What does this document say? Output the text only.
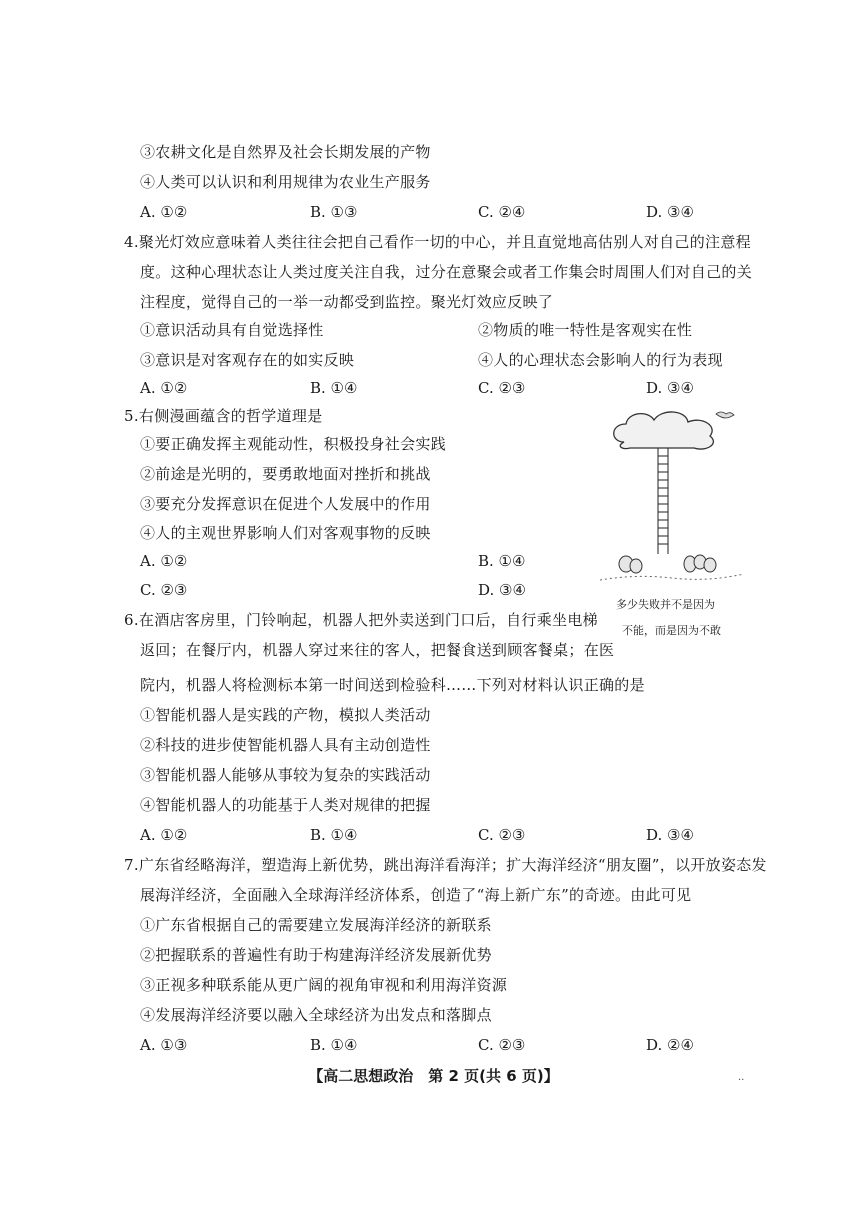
③农耕文化是自然界及社会长期发展的产物
④人类可以认识和利用规律为农业生产服务
A. ①②	B. ①③	C. ②④	D. ③④
4.聚光灯效应意味着人类往往会把自己看作一切的中心，并且直觉地高估别人对自己的注意程
度。这种心理状态让人类过度关注自我，过分在意聚会或者工作集会时周围人们对自己的关
注程度，觉得自己的一举一动都受到监控。聚光灯效应反映了
①意识活动具有自觉选择性	②物质的唯一特性是客观实在性
③意识是对客观存在的如实反映	④人的心理状态会影响人的行为表现
A. ①②	B. ①④	C. ②③	D. ③④
5.右侧漫画蕴含的哲学道理是
①要正确发挥主观能动性，积极投身社会实践
②前途是光明的，要勇敢地面对挫折和挑战
③要充分发挥意识在促进个人发展中的作用
④人的主观世界影响人们对客观事物的反映
A. ①②	B. ①④
C. ②③	D. ③④
多少失败并不是因为
不能，而是因为不敢
6.在酒店客房里，门铃响起，机器人把外卖送到门口后，自行乘坐电梯
返回；在餐厅内，机器人穿过来往的客人，把餐食送到顾客餐桌；在医
院内，机器人将检测标本第一时间送到检验科……下列对材料认识正确的是
①智能机器人是实践的产物，模拟人类活动
②科技的进步使智能机器人具有主动创造性
③智能机器人能够从事较为复杂的实践活动
④智能机器人的功能基于人类对规律的把握
A. ①②	B. ①④	C. ②③	D. ③④
7.广东省经略海洋，塑造海上新优势，跳出海洋看海洋；扩大海洋经济“朋友圈”，以开放姿态发
展海洋经济，全面融入全球海洋经济体系，创造了“海上新广东”的奇迹。由此可见
①广东省根据自己的需要建立发展海洋经济的新联系
②把握联系的普遍性有助于构建海洋经济发展新优势
③正视多种联系能从更广阔的视角审视和利用海洋资源
④发展海洋经济要以融入全球经济为出发点和落脚点
A. ①③	B. ①④	C. ②③	D. ②④
【高二思想政治　第 2 页(共 6 页)】	..
